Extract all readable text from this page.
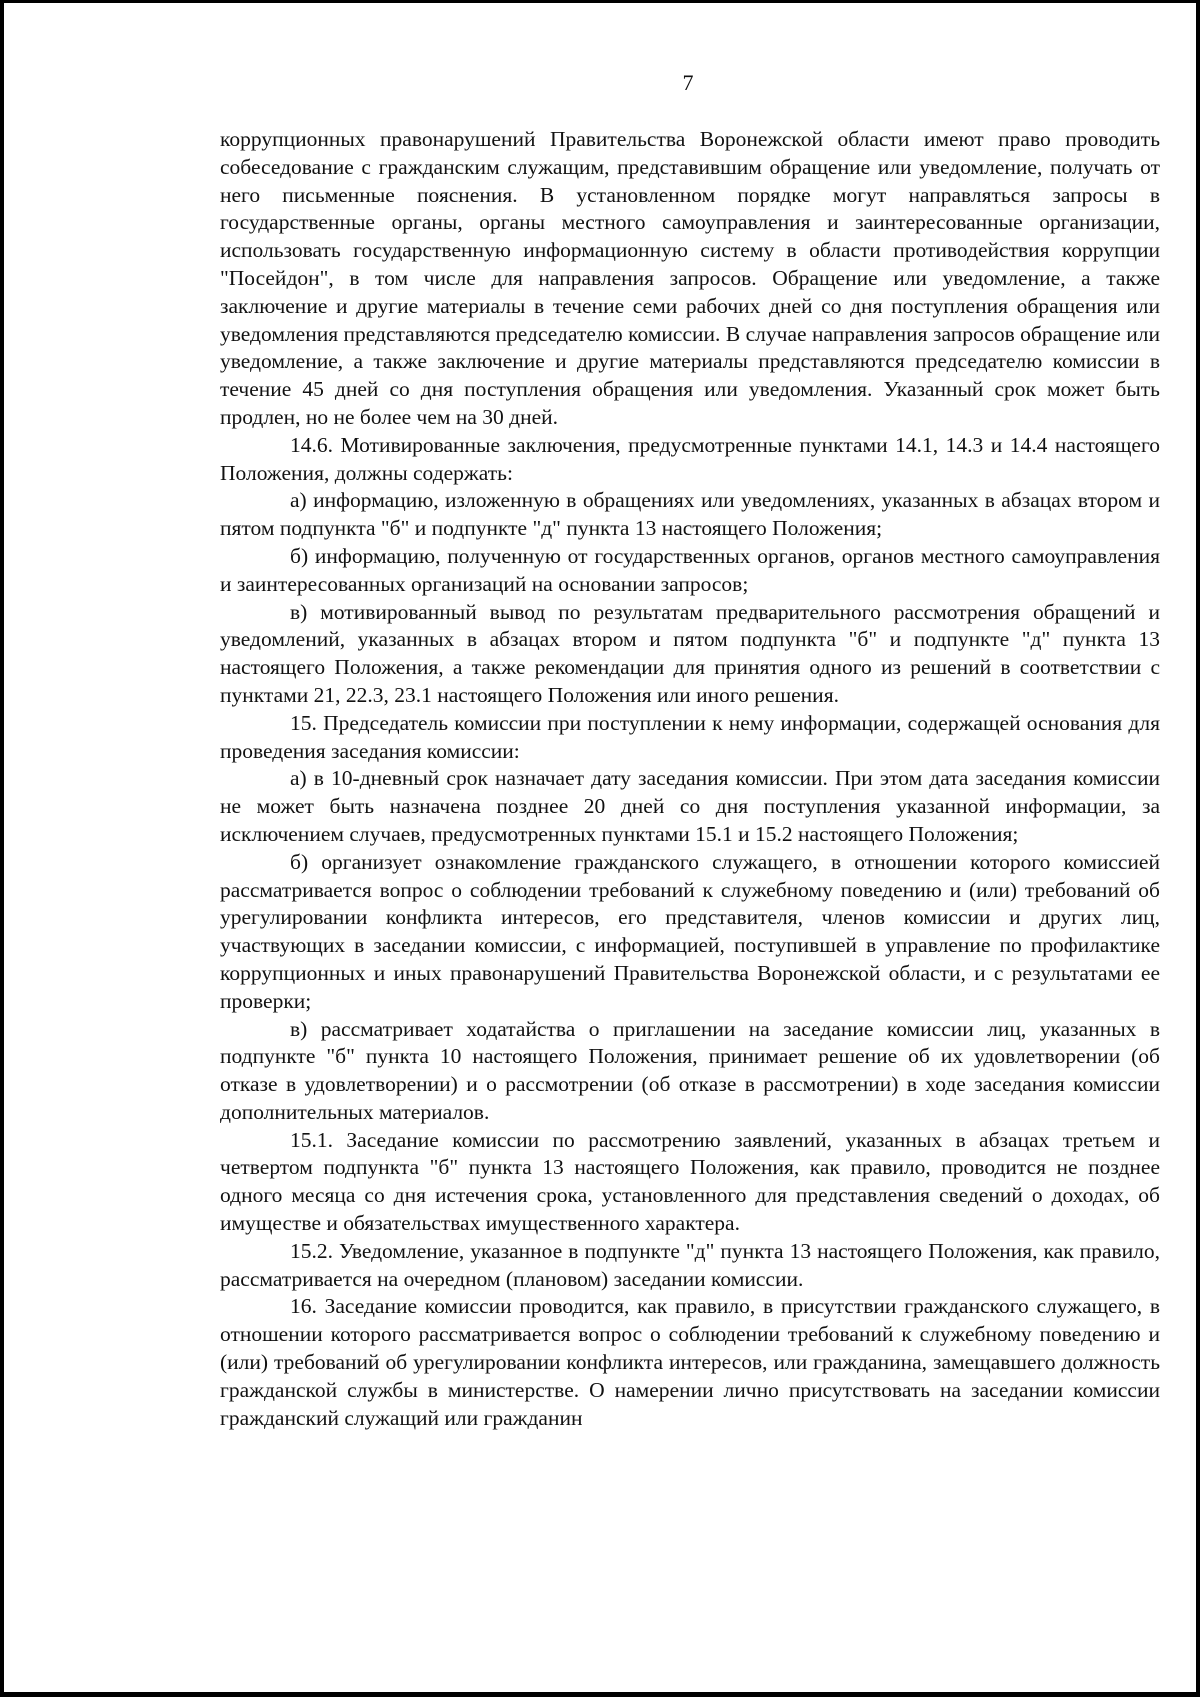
7

коррупционных правонарушений Правительства Воронежской области имеют право проводить собеседование с гражданским служащим, представившим обращение или уведомление, получать от него письменные пояснения. В установленном порядке могут направляться запросы в государственные органы, органы местного самоуправления и заинтересованные организации, использовать государственную информационную систему в области противодействия коррупции "Посейдон", в том числе для направления запросов. Обращение или уведомление, а также заключение и другие материалы в течение семи рабочих дней со дня поступления обращения или уведомления представляются председателю комиссии. В случае направления запросов обращение или уведомление, а также заключение и другие материалы представляются председателю комиссии в течение 45 дней со дня поступления обращения или уведомления. Указанный срок может быть продлен, но не более чем на 30 дней.

14.6. Мотивированные заключения, предусмотренные пунктами 14.1, 14.3 и 14.4 настоящего Положения, должны содержать:

а) информацию, изложенную в обращениях или уведомлениях, указанных в абзацах втором и пятом подпункта "б" и подпункте "д" пункта 13 настоящего Положения;

б) информацию, полученную от государственных органов, органов местного самоуправления и заинтересованных организаций на основании запросов;

в) мотивированный вывод по результатам предварительного рассмотрения обращений и уведомлений, указанных в абзацах втором и пятом подпункта "б" и подпункте "д" пункта 13 настоящего Положения, а также рекомендации для принятия одного из решений в соответствии с пунктами 21, 22.3, 23.1 настоящего Положения или иного решения.

15. Председатель комиссии при поступлении к нему информации, содержащей основания для проведения заседания комиссии:

а) в 10-дневный срок назначает дату заседания комиссии. При этом дата заседания комиссии не может быть назначена позднее 20 дней со дня поступления указанной информации, за исключением случаев, предусмотренных пунктами 15.1 и 15.2 настоящего Положения;

б) организует ознакомление гражданского служащего, в отношении которого комиссией рассматривается вопрос о соблюдении требований к служебному поведению и (или) требований об урегулировании конфликта интересов, его представителя, членов комиссии и других лиц, участвующих в заседании комиссии, с информацией, поступившей в управление по профилактике коррупционных и иных правонарушений Правительства Воронежской области, и с результатами ее проверки;

в) рассматривает ходатайства о приглашении на заседание комиссии лиц, указанных в подпункте "б" пункта 10 настоящего Положения, принимает решение об их удовлетворении (об отказе в удовлетворении) и о рассмотрении (об отказе в рассмотрении) в ходе заседания комиссии дополнительных материалов.

15.1. Заседание комиссии по рассмотрению заявлений, указанных в абзацах третьем и четвертом подпункта "б" пункта 13 настоящего Положения, как правило, проводится не позднее одного месяца со дня истечения срока, установленного для представления сведений о доходах, об имуществе и обязательствах имущественного характера.

15.2. Уведомление, указанное в подпункте "д" пункта 13 настоящего Положения, как правило, рассматривается на очередном (плановом) заседании комиссии.

16. Заседание комиссии проводится, как правило, в присутствии гражданского служащего, в отношении которого рассматривается вопрос о соблюдении требований к служебному поведению и (или) требований об урегулировании конфликта интересов, или гражданина, замещавшего должность гражданской службы в министерстве. О намерении лично присутствовать на заседании комиссии гражданский служащий или гражданин
